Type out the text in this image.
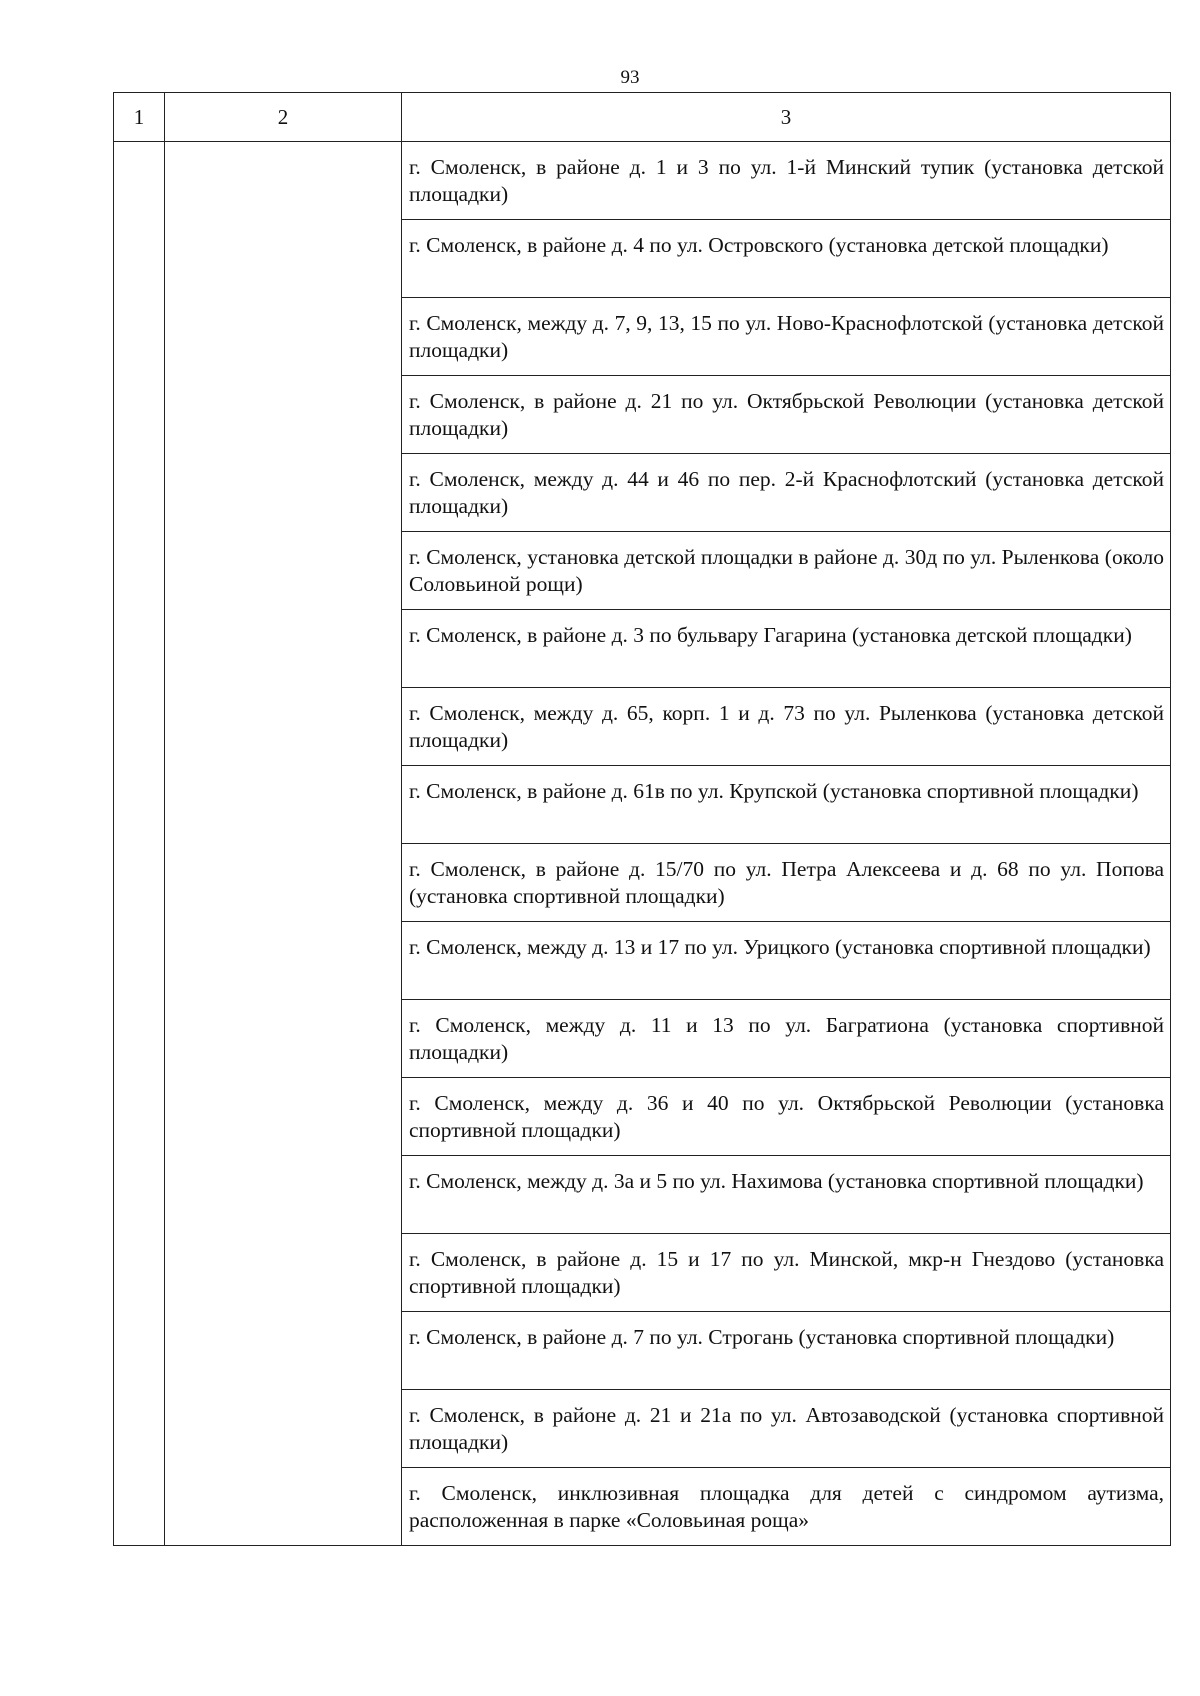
93
1	2	3
		г. Смоленск, в районе д. 1 и 3 по ул. 1-й Минский тупик (установка детской площадки)
		г. Смоленск, в районе д. 4 по ул. Островского (установка детской площадки)
		г. Смоленск, между д. 7, 9, 13, 15 по ул. Ново-Краснофлотской (установка детской площадки)
		г. Смоленск, в районе д. 21 по ул. Октябрьской Революции (установка детской площадки)
		г. Смоленск, между д. 44 и 46 по пер. 2-й Краснофлотский (установка детской площадки)
		г. Смоленск, установка детской площадки в районе д. 30д по ул. Рыленкова (около Соловьиной рощи)
		г. Смоленск, в районе д. 3 по бульвару Гагарина (установка детской площадки)
		г. Смоленск, между д. 65, корп. 1 и д. 73 по ул. Рыленкова (установка детской площадки)
		г. Смоленск, в районе д. 61в по ул. Крупской (установка спортивной площадки)
		г. Смоленск, в районе д. 15/70 по ул. Петра Алексеева и д. 68 по ул. Попова (установка спортивной площадки)
		г. Смоленск, между д. 13 и 17 по ул. Урицкого (установка спортивной площадки)
		г. Смоленск, между д. 11 и 13 по ул. Багратиона (установка спортивной площадки)
		г. Смоленск, между д. 36 и 40 по ул. Октябрьской Революции (установка спортивной площадки)
		г. Смоленск, между д. 3а и 5 по ул. Нахимова (установка спортивной площадки)
		г. Смоленск, в районе д. 15 и 17 по ул. Минской, мкр-н Гнездово (установка спортивной площадки)
		г. Смоленск, в районе д. 7 по ул. Строгань (установка спортивной площадки)
		г. Смоленск, в районе д. 21 и 21а по ул. Автозаводской (установка спортивной площадки)
		г. Смоленск, инклюзивная площадка для детей с синдромом аутизма, расположенная в парке «Соловьиная роща»
